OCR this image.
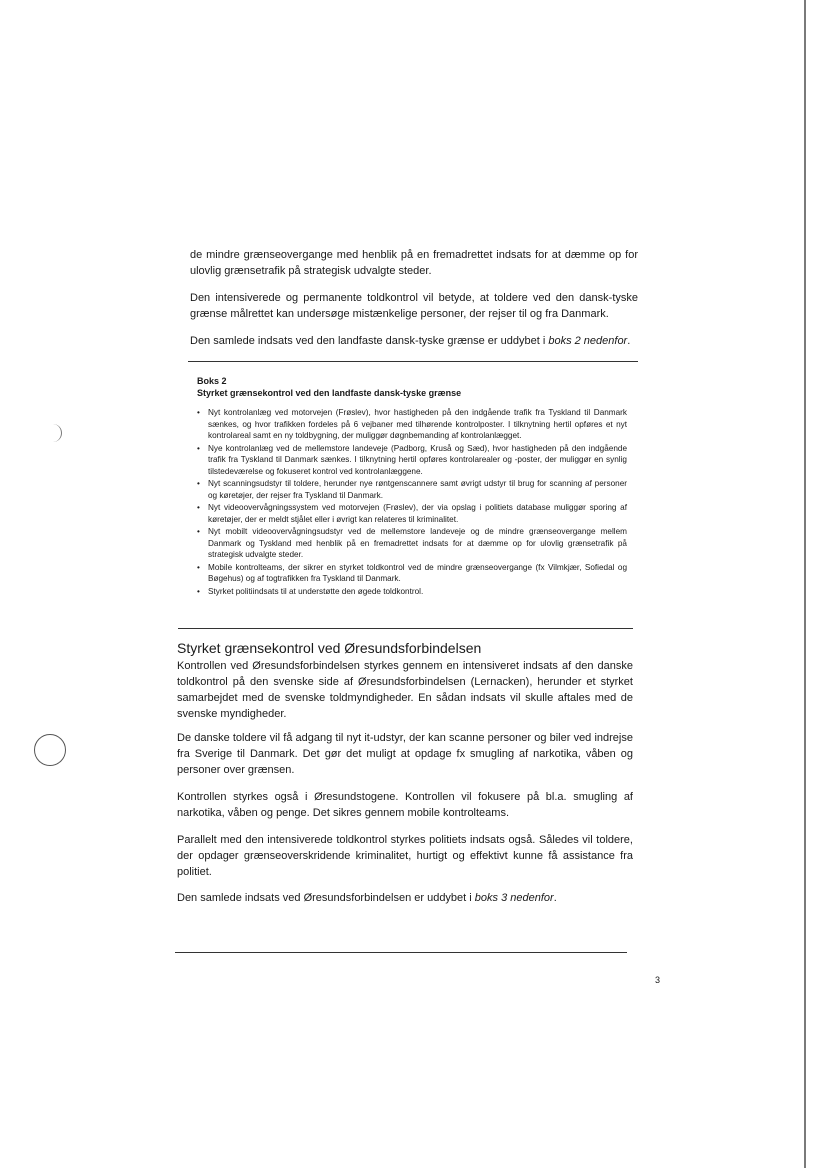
de mindre grænseovergange med henblik på en fremadrettet indsats for at dæmme op for ulovlig grænsetrafik på strategisk udvalgte steder.

Den intensiverede og permanente toldkontrol vil betyde, at toldere ved den dansk-tyske grænse målrettet kan undersøge mistænkelige personer, der rejser til og fra Danmark.

Den samlede indsats ved den landfaste dansk-tyske grænse er uddybet i boks 2 nedenfor.

Boks 2

Styrket grænsekontrol ved den landfaste dansk-tyske grænse

• Nyt kontrolanlæg ved motorvejen (Frøslev), hvor hastigheden på den indgående trafik fra Tyskland til Danmark sænkes, og hvor trafikken fordeles på 6 vejbaner med tilhørende kontrolposter. I tilknytning hertil opføres et nyt kontrolareal samt en ny toldbygning, der muliggør døgnbemanding af kontrolanlægget.
• Nye kontrolanlæg ved de mellemstore landeveje (Padborg, Kruså og Sæd), hvor hastigheden på den indgående trafik fra Tyskland til Danmark sænkes. I tilknytning hertil opføres kontrolarealer og -poster, der muliggør en synlig tilstedeværelse og fokuseret kontrol ved kontrolanlæggene.
• Nyt scanningsudstyr til toldere, herunder nye røntgenscannere samt øvrigt udstyr til brug for scanning af personer og køretøjer, der rejser fra Tyskland til Danmark.
• Nyt videoovervågningssystem ved motorvejen (Frøslev), der via opslag i politiets database muliggør sporing af køretøjer, der er meldt stjålet eller i øvrigt kan relateres til kriminalitet.
• Nyt mobilt videoovervågningsudstyr ved de mellemstore landeveje og de mindre grænseovergange mellem Danmark og Tyskland med henblik på en fremadrettet indsats for at dæmme op for ulovlig grænsetrafik på strategisk udvalgte steder.
• Mobile kontrolteams, der sikrer en styrket toldkontrol ved de mindre grænseovergange (fx Vilmkjær, Sofiedal og Bøgehus) og af togtrafikken fra Tyskland til Danmark.
• Styrket politiindsats til at understøtte den øgede toldkontrol.
Styrket grænsekontrol ved Øresundsforbindelsen

Kontrollen ved Øresundsforbindelsen styrkes gennem en intensiveret indsats af den danske toldkontrol på den svenske side af Øresundsforbindelsen (Lernacken), herunder et styrket samarbejdet med de svenske toldmyndigheder. En sådan indsats vil skulle aftales med de svenske myndigheder.

De danske toldere vil få adgang til nyt it-udstyr, der kan scanne personer og biler ved indrejse fra Sverige til Danmark. Det gør det muligt at opdage fx smugling af narkotika, våben og personer over grænsen.

Kontrollen styrkes også i Øresundstogene. Kontrollen vil fokusere på bl.a. smugling af narkotika, våben og penge. Det sikres gennem mobile kontrolteams.

Parallelt med den intensiverede toldkontrol styrkes politiets indsats også. Således vil toldere, der opdager grænseoverskridende kriminalitet, hurtigt og effektivt kunne få assistance fra politiet.

Den samlede indsats ved Øresundsforbindelsen er uddybet i boks 3 nedenfor.

3
